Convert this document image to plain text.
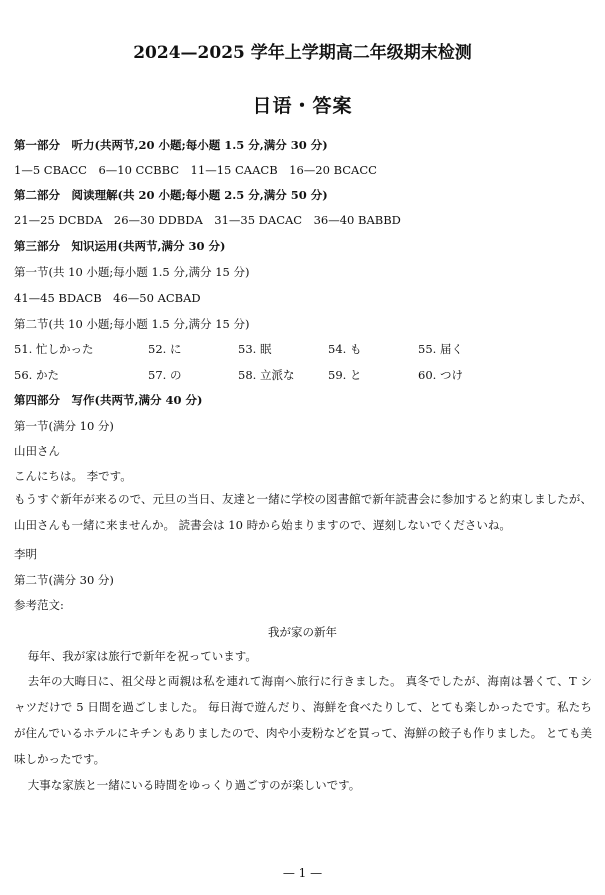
2024—2025 学年上学期高二年级期末检测
日语・答案
第一部分　听力(共两节,20 小题;每小题 1.5 分,满分 30 分)
1—5 CBACC　6—10 CCBBC　11—15 CAACB　16—20 BCACC
第二部分　阅读理解(共 20 小题;每小题 2.5 分,满分 50 分)
21—25 DCBDA　26—30 DDBDA　31—35 DACAC　36—40 BABBD
第三部分　知识运用(共两节,满分 30 分)
第一节(共 10 小题;每小题 1.5 分,满分 15 分)
41—45 BDACB　46—50 ACBAD
第二节(共 10 小题;每小题 1.5 分,满分 15 分)
51. 忙しかった	52. に	53. 眠	54. も	55. 届く
56. かた	57. の	58. 立派な	59. と	60. つけ
第四部分　写作(共两节,满分 40 分)
第一节(满分 10 分)
山田さん
こんにちは。 李です。
もうすぐ新年が来るので、元旦の当日、友達と一緒に学校の図書館で新年読書会に参加すると約束しましたが、山田さんも一緒に来ませんか。 読書会は 10 時から始まりますので、遅刻しないでくださいね。
李明
第二节(满分 30 分)
参考范文:
我が家の新年
毎年、我が家は旅行で新年を祝っています。
去年の大晦日に、祖父母と両親は私を連れて海南へ旅行に行きました。 真冬でしたが、海南は暑くて、T シャツだけで 5 日間を過ごしました。 毎日海で遊んだり、海鮮を食べたりして、とても楽しかったです。私たちが住んでいるホテルにキチンもありましたので、肉や小麦粉などを買って、海鮮の餃子も作りました。 とても美味しかったです。
大事な家族と一緒にいる時間をゆっくり過ごすのが楽しいです。
— 1 —
